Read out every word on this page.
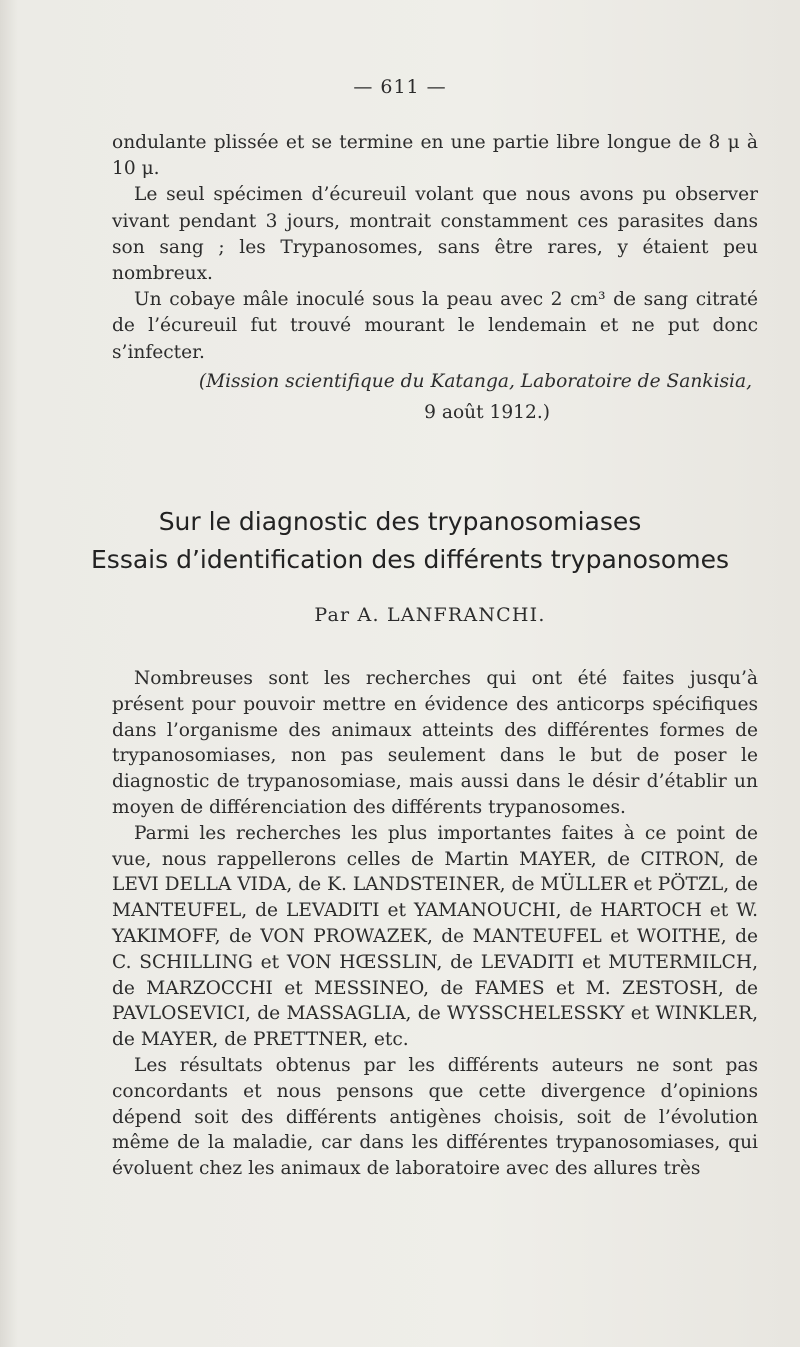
— 611 —

ondulante plissée et se termine en une partie libre longue de 8 μ à 10 μ.

Le seul spécimen d’écureuil volant que nous avons pu observer vivant pendant 3 jours, montrait constamment ces parasites dans son sang ; les Trypanosomes, sans être rares, y étaient peu nombreux.

Un cobaye mâle inoculé sous la peau avec 2 cm³ de sang citraté de l’écureuil fut trouvé mourant le lendemain et ne put donc s’infecter.

(Mission scientifique du Katanga, Laboratoire de Sankisia,
9 août 1912.)
Sur le diagnostic des trypanosomiases
Essais d’identification des différents trypanosomes
Par A. LANFRANCHI.

Nombreuses sont les recherches qui ont été faites jusqu’à présent pour pouvoir mettre en évidence des anticorps spécifiques dans l’organisme des animaux atteints des différentes formes de trypanosomiases, non pas seulement dans le but de poser le diagnostic de trypanosomiase, mais aussi dans le désir d’établir un moyen de différenciation des différents trypanosomes.

Parmi les recherches les plus importantes faites à ce point de vue, nous rappellerons celles de Martin MAYER, de CITRON, de LEVI DELLA VIDA, de K. LANDSTEINER, de MÜLLER et PÖTZL, de MANTEUFEL, de LEVADITI et YAMANOUCHI, de HARTOCH et W. YAKIMOFF, de VON PROWAZEK, de MANTEUFEL et WOITHE, de C. SCHILLING et VON HŒSSLIN, de LEVADITI et MUTERMILCH, de MARZOCCHI et MESSINEO, de FAMES et M. ZESTOSH, de PAVLOSEVICI, de MASSAGLIA, de WYSSCHELESSKY et WINKLER, de MAYER, de PRETTNER, etc.

Les résultats obtenus par les différents auteurs ne sont pas concordants et nous pensons que cette divergence d’opinions dépend soit des différents antigènes choisis, soit de l’évolution même de la maladie, car dans les différentes trypanosomiases, qui évoluent chez les animaux de laboratoire avec des allures très
